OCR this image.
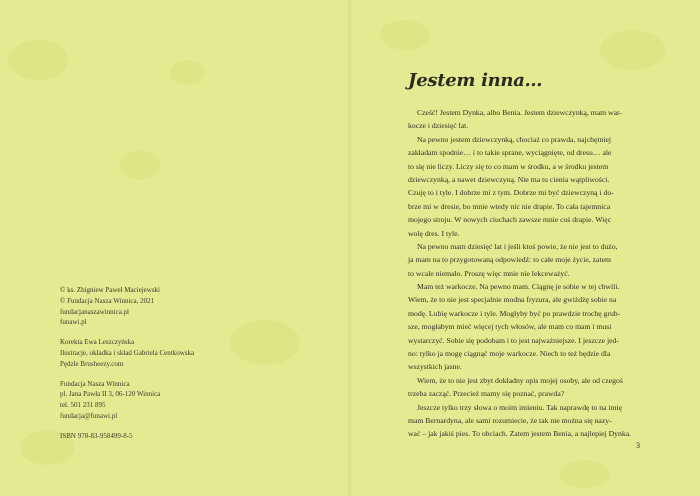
© ks. Zbigniew Paweł Maciejewski
© Fundacja Nasza Winnica, 2021
fundacjanaszawinnica.pl
funawi.pl
Korekta Ewa Leszczyńska
Ilustracje, okładka i skład Gabriela Centkowska
Pędzle Brusheezy.com
Fundacja Nasza Winnica
pl. Jana Pawła II 3, 06-120 Winnica
tel. 501 231 895
fundacja@funawi.pl
ISBN 978-83-958499-8-5
Jestem inna…
Cześć! Jestem Dynka, albo Benia. Jestem dziewczynką, mam war-
kocze i dziesięć lat.
Na pewno jestem dziewczynką, chociaż co prawda, najchętniej
zakładam spodnie… i to takie sprane, wyciągnięte, od dresu… ale
to się nie liczy. Liczy się to co mam w środku, a w środku jestem
dziewczynką, a nawet dziewczyną. Nie ma tu cienia wątpliwości.
Czuję to i tyle. I dobrze mi z tym. Dobrze mi być dziewczyną i do-
brze mi w dresie, bo mnie wtedy nic nie drapie. To cała tajemnica
mojego stroju. W nowych ciuchach zawsze mnie coś drapie. Więc
wolę dres. I tyle.
Na pewno mam dziesięć lat i jeśli ktoś powie, że nie jest to dużo,
ja mam na to przygotowaną odpowiedź: to całe moje życie, zatem
to wcale niemało. Proszę więc mnie nie lekceważyć.
Mam też warkocze. Na pewno mam. Ciągnę je sobie w tej chwili.
Wiem, że to nie jest specjalnie modna fryzura, ale gwiżdżę sobie na
modę. Lubię warkocze i tyle. Mogłyby być po prawdzie trochę grub-
sze, mogłabym mieć więcej tych włosów, ale mam co mam i musi
wystarczyć. Sobie się podobam i to jest najważniejsze. I jeszcze jed-
no: tylko ja mogę ciągnąć moje warkocze. Niech to też będzie dla
wszystkich jasne.
Wiem, że to nie jest zbyt dokładny opis mojej osoby, ale od czegoś
trzeba zacząć. Przecież mamy się poznać, prawda?
Jeszcze tylko trzy słowa o moim imieniu. Tak naprawdę to na imię
mam Bernardyna, ale sami rozumiecie, że tak nie można się nazy-
wać – jak jakiś pies. To obciach. Zatem jestem Benia, a najlepiej Dynka.
3
